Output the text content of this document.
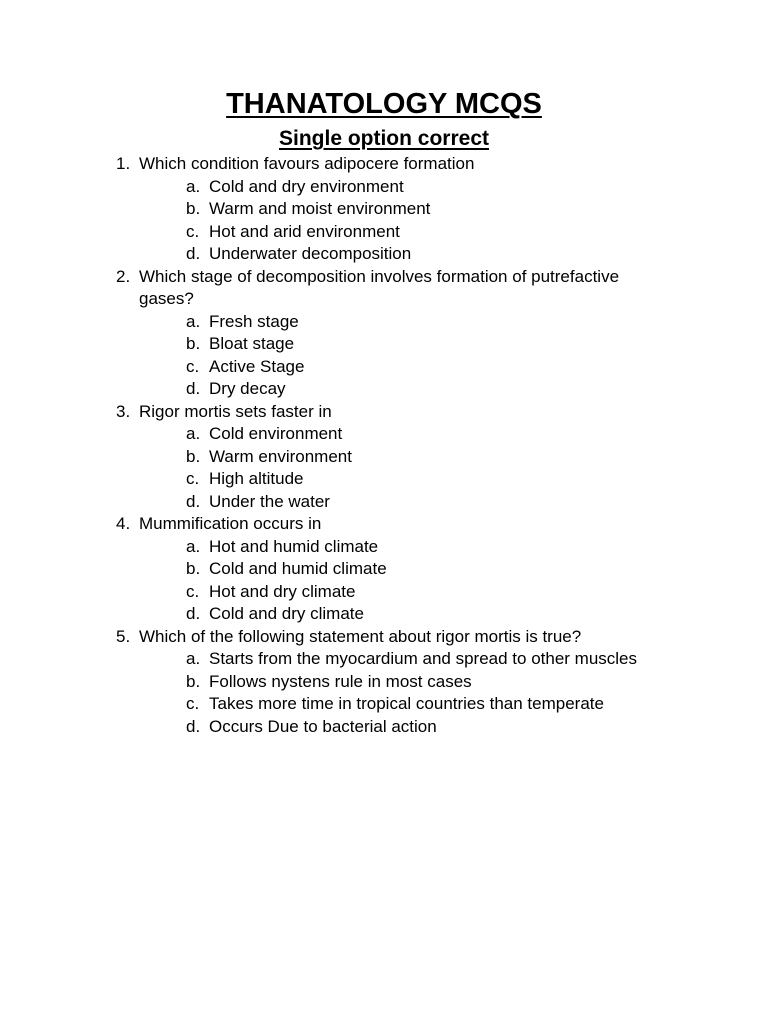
THANATOLOGY MCQS
Single option correct
1. Which condition favours adipocere formation
a. Cold and dry environment
b. Warm and moist environment
c. Hot and arid environment
d. Underwater decomposition
2. Which stage of decomposition involves formation of putrefactive gases?
a. Fresh stage
b. Bloat stage
c. Active Stage
d. Dry decay
3. Rigor mortis sets faster in
a. Cold environment
b. Warm environment
c. High altitude
d. Under the water
4. Mummification occurs in
a. Hot and humid climate
b. Cold and humid climate
c. Hot and dry climate
d. Cold and dry climate
5. Which of the following statement about rigor mortis is true?
a. Starts from the myocardium and spread to other muscles
b. Follows nystens rule in most cases
c. Takes more time in tropical countries than temperate
d. Occurs Due to bacterial action
